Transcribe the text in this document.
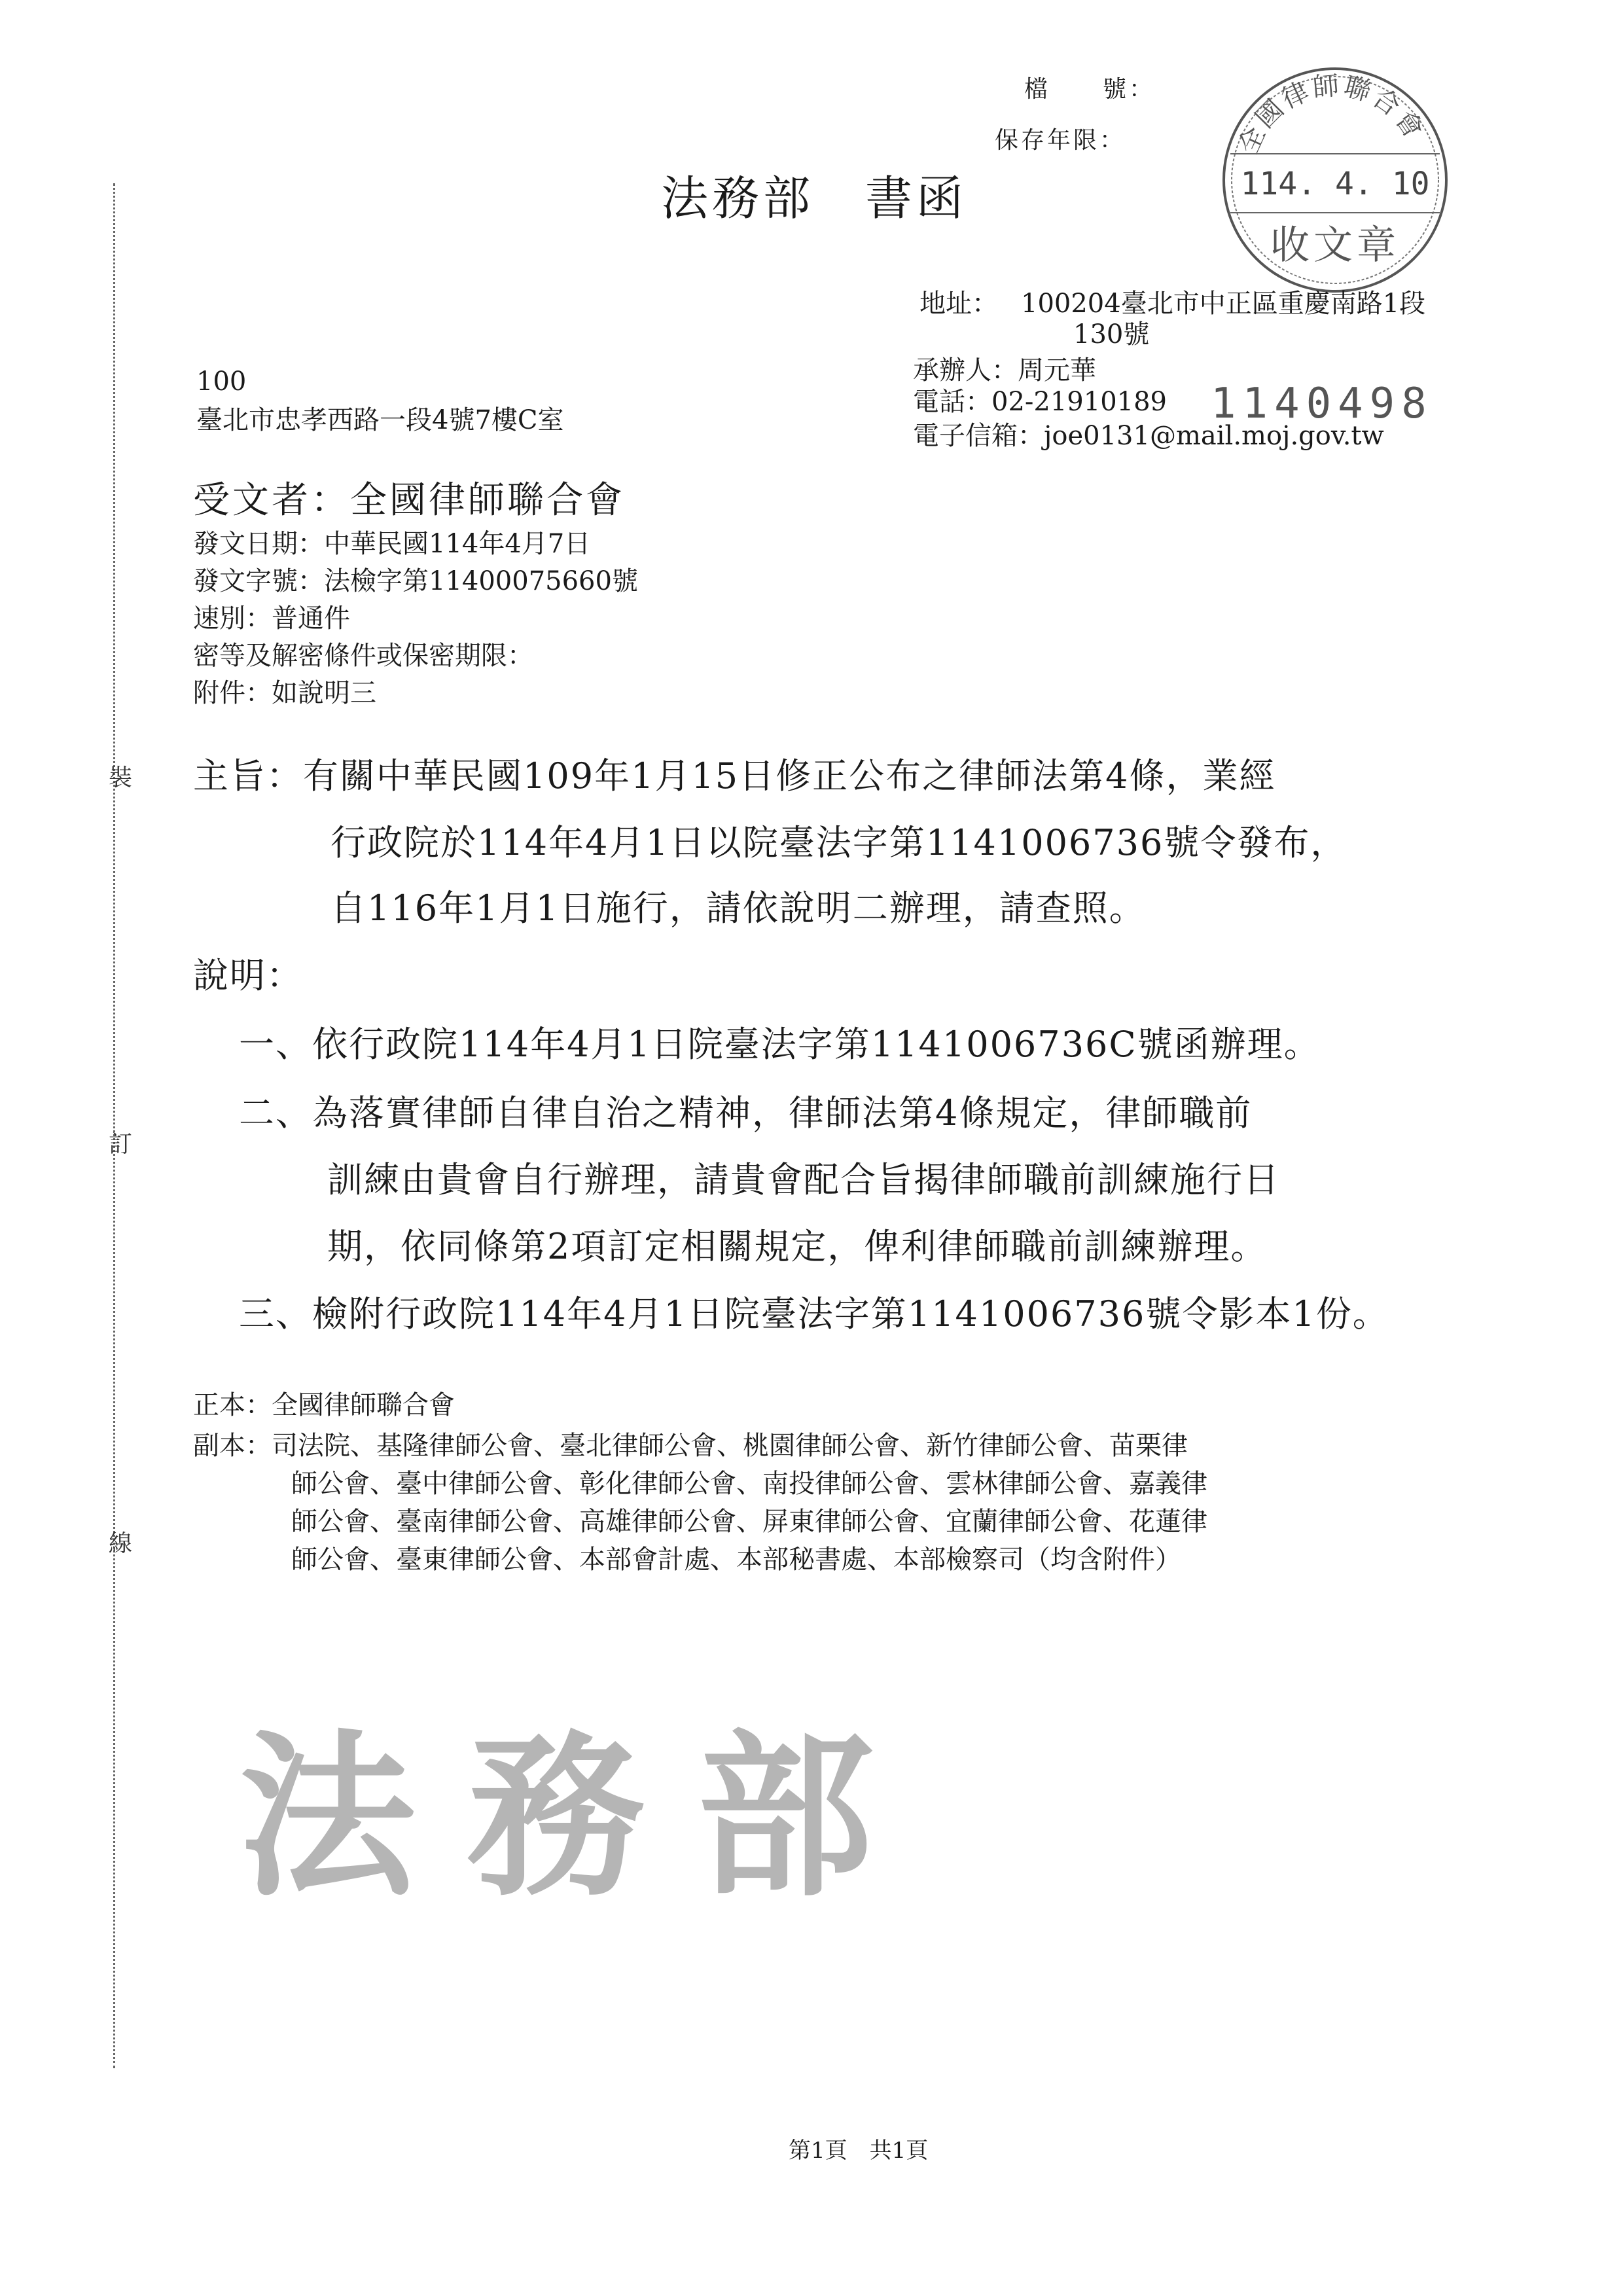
裝
訂
線
檔　　號：
保存年限：	全國律師聯合會
114. 4. 10
收文章
法務部　書函
地址： 100204臺北市中正區重慶南路1段
130號
承辦人：周元華
電話：02-21910189
電子信箱：joe0131@mail.moj.gov.tw
1140498
100
臺北市忠孝西路一段4號7樓C室
受文者：全國律師聯合會
發文日期：中華民國114年4月7日
發文字號：法檢字第11400075660號
速別：普通件
密等及解密條件或保密期限：
附件：如說明三
主旨：有關中華民國109年1月15日修正公布之律師法第4條，業經
行政院於114年4月1日以院臺法字第1141006736號令發布，
自116年1月1日施行，請依說明二辦理，請查照。
說明：
一、依行政院114年4月1日院臺法字第1141006736C號函辦理。
二、為落實律師自律自治之精神，律師法第4條規定，律師職前
訓練由貴會自行辦理，請貴會配合旨揭律師職前訓練施行日
期，依同條第2項訂定相關規定，俾利律師職前訓練辦理。
三、檢附行政院114年4月1日院臺法字第1141006736號令影本1份。
正本：全國律師聯合會
副本：司法院、基隆律師公會、臺北律師公會、桃園律師公會、新竹律師公會、苗栗律
師公會、臺中律師公會、彰化律師公會、南投律師公會、雲林律師公會、嘉義律
師公會、臺南律師公會、高雄律師公會、屏東律師公會、宜蘭律師公會、花蓮律
師公會、臺東律師公會、本部會計處、本部秘書處、本部檢察司（均含附件）
法務部
第1頁　共1頁
